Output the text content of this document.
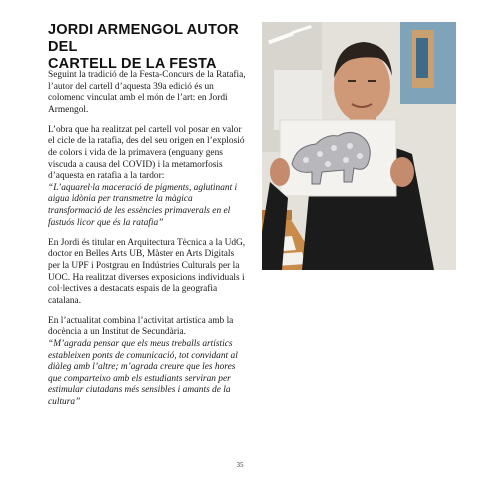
JORDI ARMENGOL AUTOR DEL
CARTELL DE LA FESTA

Seguint la tradició de la Festa-Concurs de la Ratafia, l’autor del cartell d’aquesta 39a edició és un colomenc vinculat amb el món de l’art: en Jordi Armengol.

L’obra que ha realitzat pel cartell vol posar en valor el cicle de la ratafia, des del seu origen en l’explosió de colors i vida de la primavera (enguany gens viscuda a causa del COVID) i la metamorfosis d’aquesta en ratafia a la tardor:
“L’aquarel·la maceració de pigments, aglutinant i aigua idònia per transmetre la màgica transformació de les essències primaverals en el fastuós licor que és la ratafia”

En Jordi és titular en Arquitectura Tècnica a la UdG, doctor en Belles Arts UB, Màster en Arts Digitals per la UPF i Postgrau en Indústries Culturals per la UOC. Ha realitzat diverses exposicions individuals i col·lectives a destacats espais de la geografia catalana.

En l’actualitat combina l’activitat artística amb la docència a un Institut de Secundària.
“M’agrada pensar que els meus treballs artístics estableixen ponts de comunicació, tot convidant al diàleg amb l’altre; m’agrada creure que les hores que comparteixo amb els estudiants serviran per estimular ciutadans més sensibles i amants de la cultura”

35
